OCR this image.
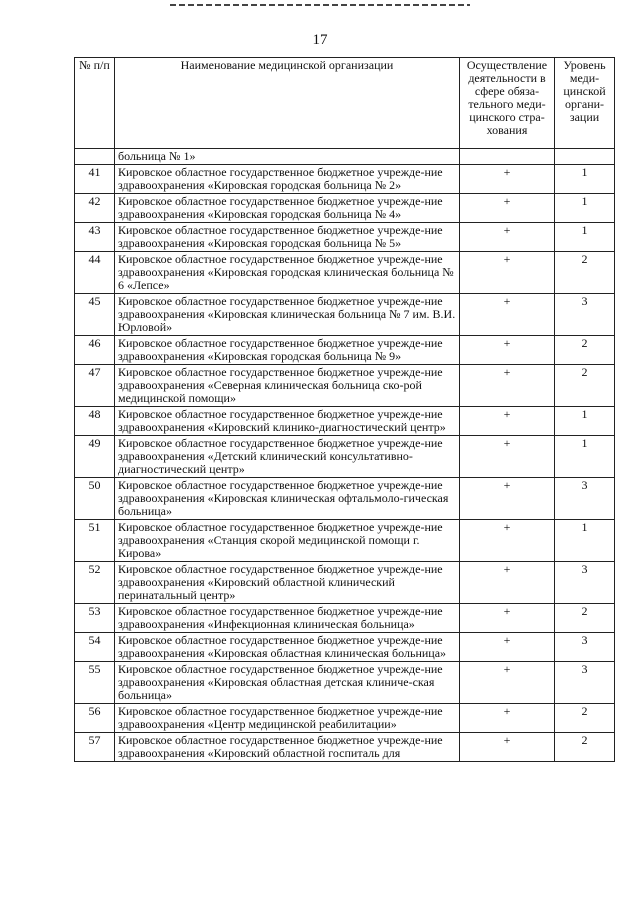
17
№ п/п	Наименование медицинской организации	Осуществление деятельности в сфере обяза-тельного меди-цинского стра-хования	Уровень меди-цинской органи-зации
	больница № 1»		
41	Кировское областное государственное бюджетное учрежде-ние здравоохранения «Кировская городская больница № 2»	+	1
42	Кировское областное государственное бюджетное учрежде-ние здравоохранения «Кировская городская больница № 4»	+	1
43	Кировское областное государственное бюджетное учрежде-ние здравоохранения «Кировская городская больница № 5»	+	1
44	Кировское областное государственное бюджетное учрежде-ние здравоохранения «Кировская городская клиническая больница № 6 «Лепсе»	+	2
45	Кировское областное государственное бюджетное учрежде-ние здравоохранения «Кировская клиническая больница № 7 им. В.И. Юрловой»	+	3
46	Кировское областное государственное бюджетное учрежде-ние здравоохранения «Кировская городская больница № 9»	+	2
47	Кировское областное государственное бюджетное учрежде-ние здравоохранения «Северная клиническая больница ско-рой медицинской помощи»	+	2
48	Кировское областное государственное бюджетное учрежде-ние здравоохранения «Кировский клинико-диагностический центр»	+	1
49	Кировское областное государственное бюджетное учрежде-ние здравоохранения «Детский клинический консультативно-диагностический центр»	+	1
50	Кировское областное государственное бюджетное учрежде-ние здравоохранения «Кировская клиническая офтальмоло-гическая больница»	+	3
51	Кировское областное государственное бюджетное учрежде-ние здравоохранения «Станция скорой медицинской помощи г. Кирова»	+	1
52	Кировское областное государственное бюджетное учрежде-ние здравоохранения «Кировский областной клинический перинатальный центр»	+	3
53	Кировское областное государственное бюджетное учрежде-ние здравоохранения «Инфекционная клиническая больница»	+	2
54	Кировское областное государственное бюджетное учрежде-ние здравоохранения «Кировская областная клиническая больница»	+	3
55	Кировское областное государственное бюджетное учрежде-ние здравоохранения «Кировская областная детская клиниче-ская больница»	+	3
56	Кировское областное государственное бюджетное учрежде-ние здравоохранения «Центр медицинской реабилитации»	+	2
57	Кировское областное государственное бюджетное учрежде-ние здравоохранения «Кировский областной госпиталь для	+	2
